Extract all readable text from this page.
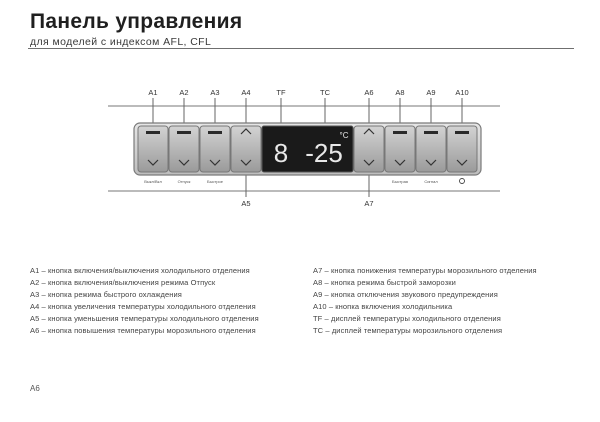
Панель управления
для моделей с индексом AFL, CFL
8 -25
°C
A1	A2	A3	A4	TF	TC	A6	A8	A9	A10
A5	A7
Выкл/Вкл	Отпуск	Быстрое	Быстрая	Сигнал
A1 – кнопка включения/выключения холодильного отделения
A2 – кнопка включения/выключения режима Отпуск
A3 – кнопка режима быстрого охлаждения
A4 – кнопка увеличения температуры холодильного отделения
A5 – кнопка уменьшения температуры холодильного отделения
A6 – кнопка повышения температуры морозильного отделения
A7 – кнопка понижения температуры морозильного отделения
A8 – кнопка режима быстрой заморозки
A9 – кнопка отключения звукового предупреждения
A10 – кнопка включения холодильника
TF – дисплей температуры холодильного отделения
TC – дисплей температуры морозильного отделения
A6
